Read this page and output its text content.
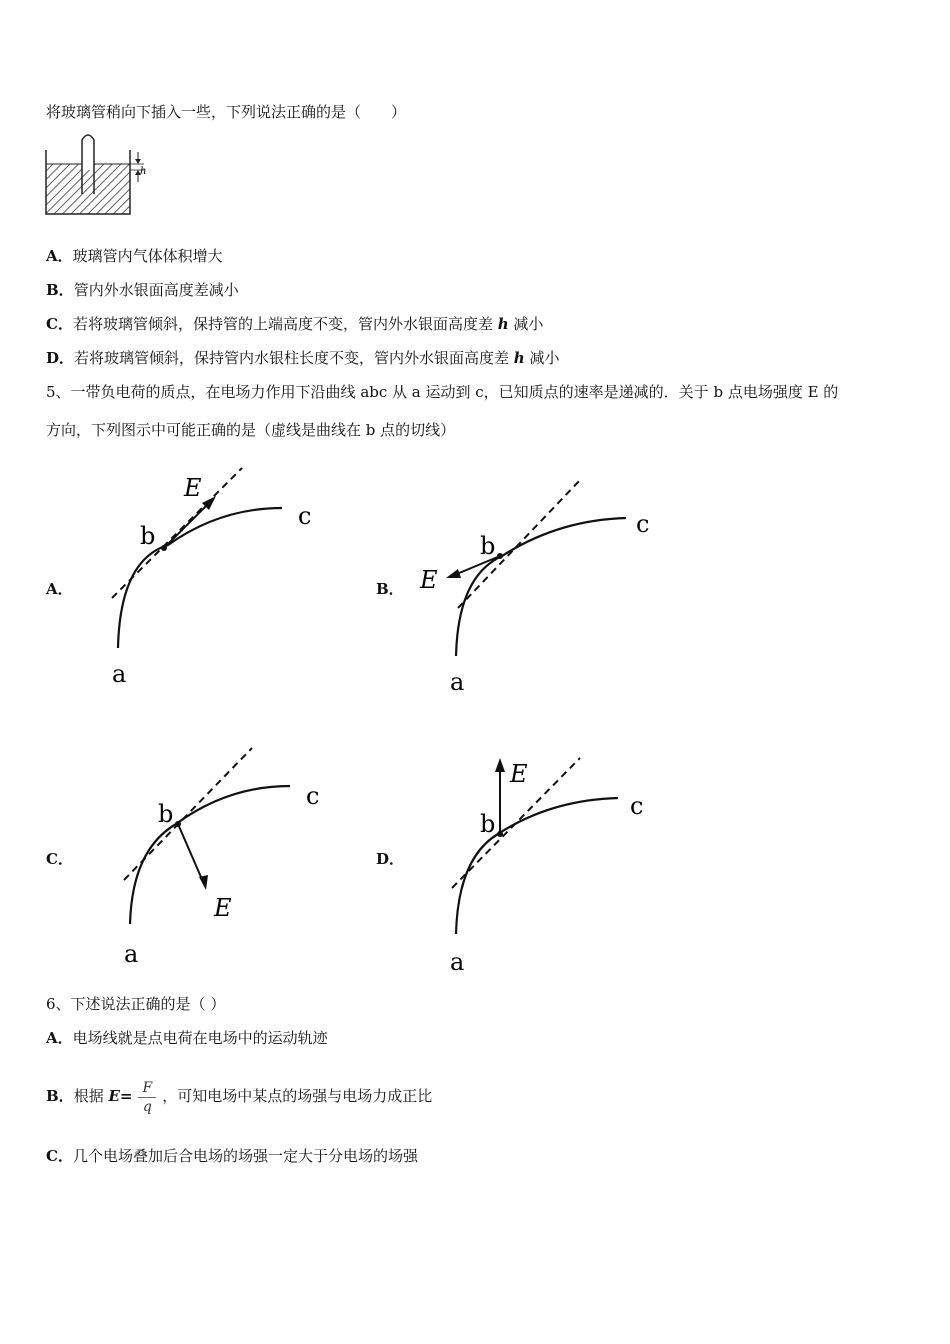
将玻璃管稍向下插入一些，下列说法正确的是（　　）
h
A．玻璃管内气体体积增大
B．管内外水银面高度差减小
C．若将玻璃管倾斜，保持管的上端高度不变，管内外水银面高度差 h 减小
D．若将玻璃管倾斜，保持管内水银柱长度不变，管内外水银面高度差 h 减小
5、一带负电荷的质点，在电场力作用下沿曲线 abc 从 a 运动到 c，已知质点的速率是递减的．关于 b 点电场强度 E 的
方向，下列图示中可能正确的是（虚线是曲线在 b 点的切线）
A．	B．
C．	D．
E
b
c
a
E
b
c
a
E
b
c
a
E
b
c
a
6、下述说法正确的是（ ）
A．电场线就是点电荷在电场中的运动轨迹
B．根据 $E= \frac{F}{q}$ ，可知电场中某点的场强与电场力成正比
C．几个电场叠加后合电场的场强一定大于分电场的场强
